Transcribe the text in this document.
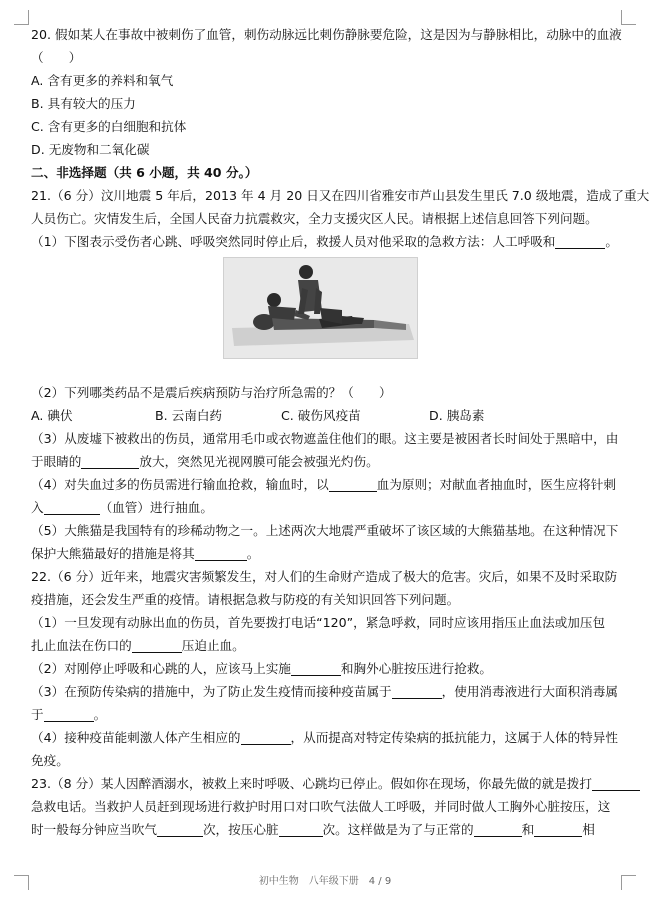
20. 假如某人在事故中被刺伤了血管，刺伤动脉远比刺伤静脉要危险，这是因为与静脉相比，动脉中的血液
（　　）
A. 含有更多的养料和氧气
B. 具有较大的压力
C. 含有更多的白细胞和抗体
D. 无废物和二氧化碳
二、非选择题（共 6 小题，共 40 分。）
21.（6 分）汶川地震 5 年后，2013 年 4 月 20 日又在四川省雅安市芦山县发生里氏 7.0 级地震，造成了重大
人员伤亡。灾情发生后，全国人民奋力抗震救灾，全力支援灾区人民。请根据上述信息回答下列问题。
（1）下图表示受伤者心跳、呼吸突然同时停止后，救援人员对他采取的急救方法：人工呼吸和	。
（2）下列哪类药品不是震后疾病预防与治疗所急需的？（　　）
A. 碘伏	B. 云南白药	C. 破伤风疫苗	D. 胰岛素
（3）从废墟下被救出的伤员，通常用毛巾或衣物遮盖住他们的眼。这主要是被困者长时间处于黑暗中，由
于眼睛的	放大，突然见光视网膜可能会被强光灼伤。
（4）对失血过多的伤员需进行输血抢救，输血时，以	血为原则；对献血者抽血时，医生应将针刺
入	（血管）进行抽血。
（5）大熊猫是我国特有的珍稀动物之一。上述两次大地震严重破坏了该区域的大熊猫基地。在这种情况下
保护大熊猫最好的措施是将其	。
22.（6 分）近年来，地震灾害频繁发生，对人们的生命财产造成了极大的危害。灾后，如果不及时采取防
疫措施，还会发生严重的疫情。请根据急救与防疫的有关知识回答下列问题。
（1）一旦发现有动脉出血的伤员，首先要拨打电话“120”，紧急呼救，同时应该用指压止血法或加压包
扎止血法在伤口的	压迫止血。
（2）对刚停止呼吸和心跳的人，应该马上实施	和胸外心脏按压进行抢救。
（3）在预防传染病的措施中，为了防止发生疫情而接种疫苗属于	，使用消毒液进行大面积消毒属
于	。
（4）接种疫苗能刺激人体产生相应的	，从而提高对特定传染病的抵抗能力，这属于人体的特异性
免疫。
23.（8 分）某人因醉酒溺水，被救上来时呼吸、心跳均已停止。假如你在现场，你最先做的就是拨打
急救电话。当救护人员赶到现场进行救护时用口对口吹气法做人工呼吸，并同时做人工胸外心脏按压，这
时一般每分钟应当吹气	次，按压心脏	次。这样做是为了与正常的	和	相
初中生物　八年级下册　4 / 9
